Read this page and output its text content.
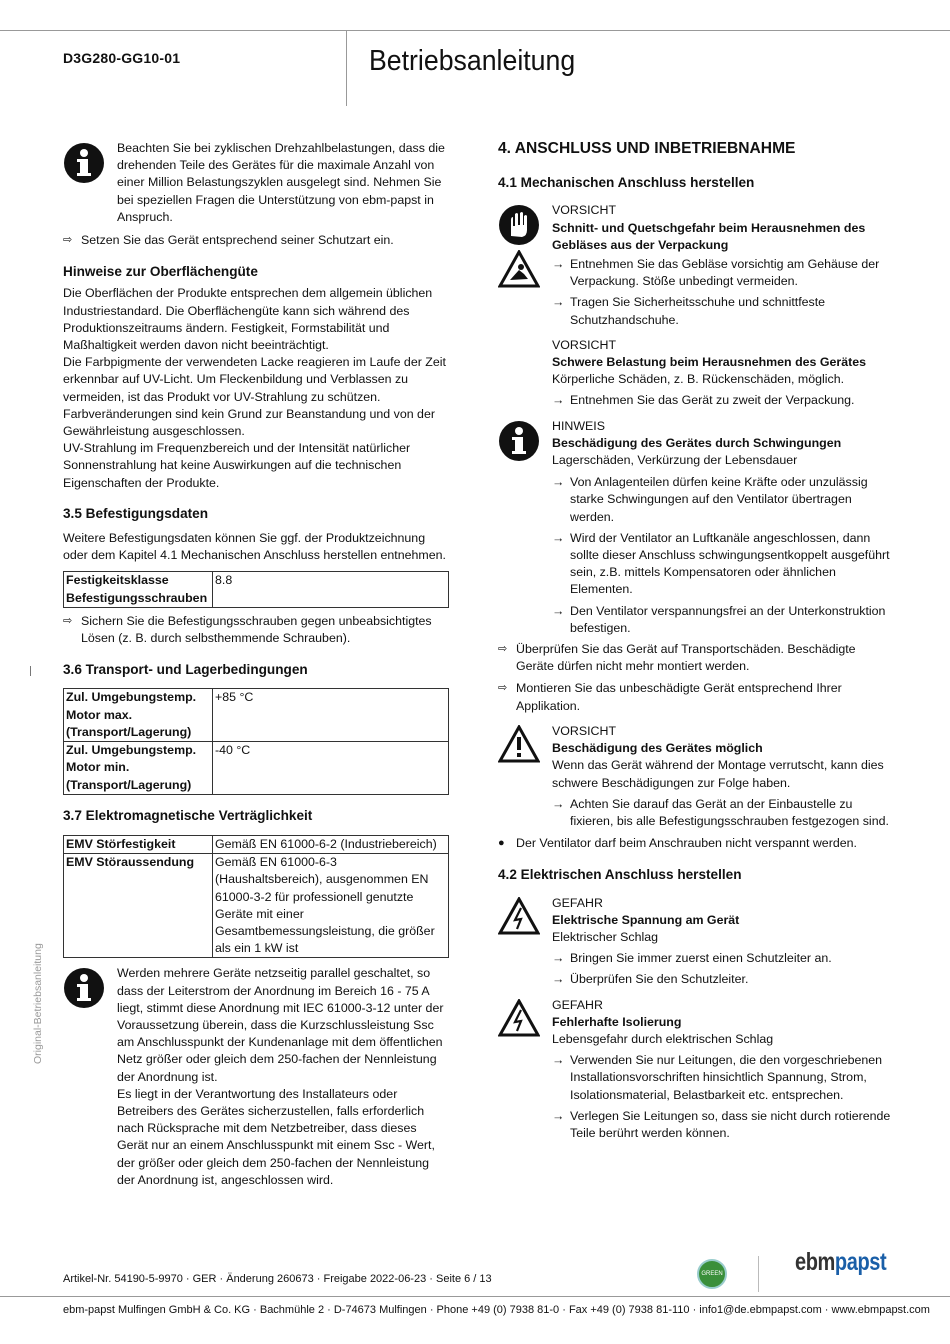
D3G280-GG10-01	Betriebsanleitung
Original-Betriebsanleitung

Beachten Sie bei zyklischen Drehzahlbelastungen, dass die drehenden Teile des Gerätes für die maximale Anzahl von einer Million Belastungszyklen ausgelegt sind. Nehmen Sie bei speziellen Fragen die Unterstützung von ebm-papst in Anspruch.

⇨ Setzen Sie das Gerät entsprechend seiner Schutzart ein.

Hinweise zur Oberflächengüte

Die Oberflächen der Produkte entsprechen dem allgemein üblichen Industriestandard. Die Oberflächengüte kann sich während des Produktionszeitraums ändern. Festigkeit, Formstabilität und Maßhaltigkeit werden davon nicht beeinträchtigt.

Die Farbpigmente der verwendeten Lacke reagieren im Laufe der Zeit erkennbar auf UV-Licht. Um Fleckenbildung und Verblassen zu vermeiden, ist das Produkt vor UV-Strahlung zu schützen. Farbveränderungen sind kein Grund zur Beanstandung und von der Gewährleistung ausgeschlossen.

UV-Strahlung im Frequenzbereich und der Intensität natürlicher Sonnenstrahlung hat keine Auswirkungen auf die technischen Eigenschaften der Produkte.

3.5 Befestigungsdaten

Weitere Befestigungsdaten können Sie ggf. der Produktzeichnung oder dem Kapitel 4.1 Mechanischen Anschluss herstellen entnehmen.

Festigkeitsklasse Befestigungsschrauben	8.8
⇨ Sichern Sie die Befestigungsschrauben gegen unbeabsichtigtes Lösen (z. B. durch selbsthemmende Schrauben).

3.6 Transport- und Lagerbedingungen

Zul. Umgebungstemp. Motor max. (Transport/Lagerung)	+85 °C
Zul. Umgebungstemp. Motor min. (Transport/Lagerung)	-40 °C

3.7 Elektromagnetische Verträglichkeit

EMV Störfestigkeit	Gemäß EN 61000-6-2 (Industriebereich)
EMV Störaussendung	Gemäß EN 61000-6-3 (Haushaltsbereich), ausgenommen EN 61000-3-2 für professionell genutzte Geräte mit einer Gesamtbemessungsleistung, die größer als ein 1 kW ist

Werden mehrere Geräte netzseitig parallel geschaltet, so dass der Leiterstrom der Anordnung im Bereich 16 - 75 A liegt, stimmt diese Anordnung mit IEC 61000-3-12 unter der Voraussetzung überein, dass die Kurzschlussleistung Ssc am Anschlusspunkt der Kundenanlage mit dem öffentlichen Netz größer oder gleich dem 250-fachen der Nennleistung der Anordnung ist.

Es liegt in der Verantwortung des Installateurs oder Betreibers des Gerätes sicherzustellen, falls erforderlich nach Rücksprache mit dem Netzbetreiber, dass dieses Gerät nur an einem Anschlusspunkt mit einem Ssc - Wert, der größer oder gleich dem 250-fachen der Nennleistung der Anordnung ist, angeschlossen wird.

4. ANSCHLUSS UND INBETRIEBNAHME

4.1 Mechanischen Anschluss herstellen

VORSICHT

Schnitt- und Quetschgefahr beim Herausnehmen des Gebläses aus der Verpackung

→ Entnehmen Sie das Gebläse vorsichtig am Gehäuse der Verpackung. Stöße unbedingt vermeiden.
→ Tragen Sie Sicherheitsschuhe und schnittfeste Schutzhandschuhe.

VORSICHT

Schwere Belastung beim Herausnehmen des Gerätes

Körperliche Schäden, z. B. Rückenschäden, möglich.

→ Entnehmen Sie das Gerät zu zweit der Verpackung.

HINWEIS

Beschädigung des Gerätes durch Schwingungen

Lagerschäden, Verkürzung der Lebensdauer

→ Von Anlagenteilen dürfen keine Kräfte oder unzulässig starke Schwingungen auf den Ventilator übertragen werden.
→ Wird der Ventilator an Luftkanäle angeschlossen, dann sollte dieser Anschluss schwingungsentkoppelt ausgeführt sein, z.B. mittels Kompensatoren oder ähnlichen Elementen.
→ Den Ventilator verspannungsfrei an der Unterkonstruktion befestigen.
⇨ Überprüfen Sie das Gerät auf Transportschäden. Beschädigte Geräte dürfen nicht mehr montiert werden.
⇨ Montieren Sie das unbeschädigte Gerät entsprechend Ihrer Applikation.

VORSICHT

Beschädigung des Gerätes möglich

Wenn das Gerät während der Montage verrutscht, kann dies schwere Beschädigungen zur Folge haben.

→ Achten Sie darauf das Gerät an der Einbaustelle zu fixieren, bis alle Befestigungsschrauben festgezogen sind.
● Der Ventilator darf beim Anschrauben nicht verspannt werden.

4.2 Elektrischen Anschluss herstellen

GEFAHR

Elektrische Spannung am Gerät

Elektrischer Schlag

→ Bringen Sie immer zuerst einen Schutzleiter an.
→ Überprüfen Sie den Schutzleiter.

GEFAHR

Fehlerhafte Isolierung

Lebensgefahr durch elektrischen Schlag

→ Verwenden Sie nur Leitungen, die den vorgeschriebenen Installationsvorschriften hinsichtlich Spannung, Strom, Isolationsmaterial, Belastbarkeit etc. entsprechen.
→ Verlegen Sie Leitungen so, dass sie nicht durch rotierende Teile berührt werden können.
Artikel-Nr. 54190-5-9970 · GER · Änderung 260673 · Freigabe 2022-06-23 · Seite 6 / 13	GREEN TECH
ebmpapst
ebm-papst Mulfingen GmbH & Co. KG · Bachmühle 2 · D-74673 Mulfingen · Phone +49 (0) 7938 81-0 · Fax +49 (0) 7938 81-110 · info1@de.ebmpapst.com · www.ebmpapst.com
